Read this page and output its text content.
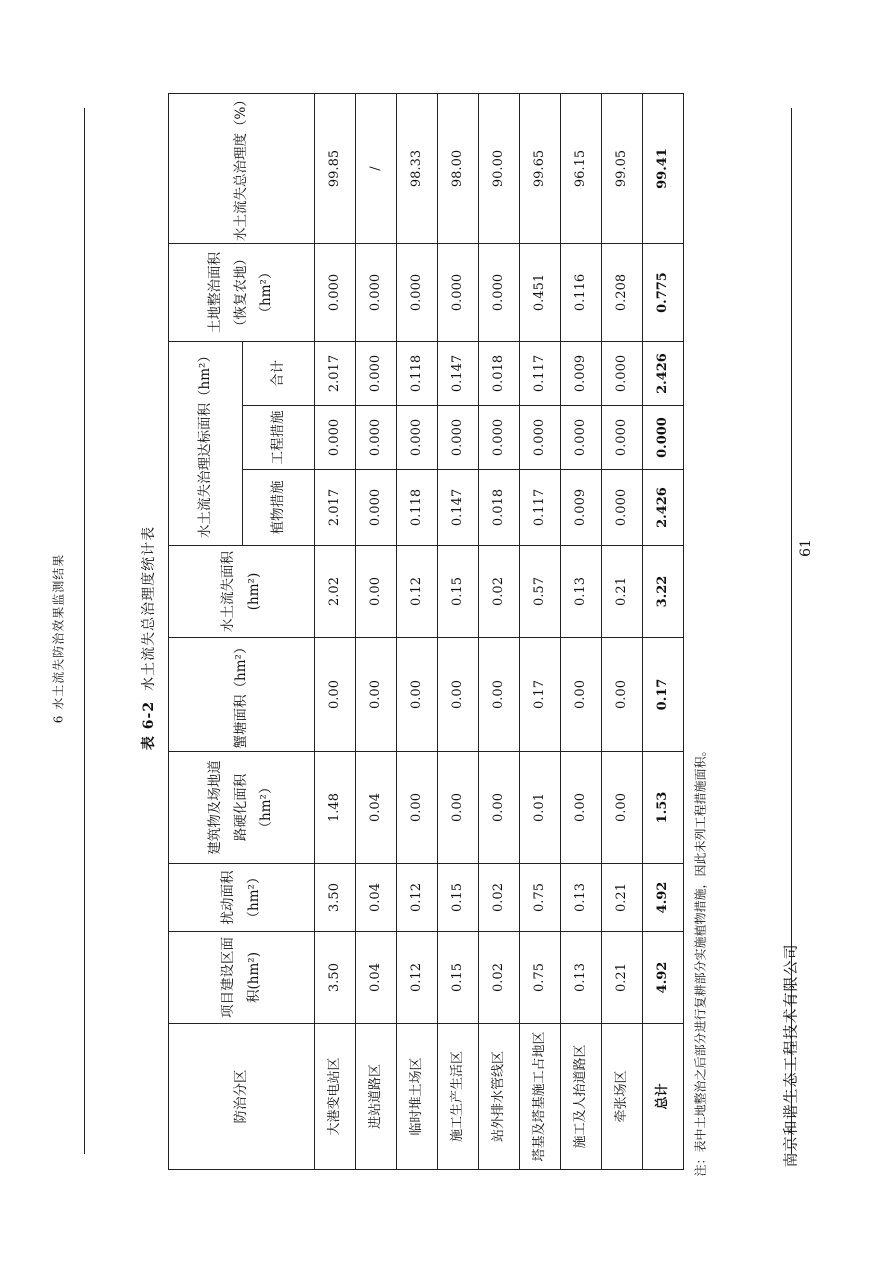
6 水土流失防治效果监测结果
表 6-2水土流失总治理度统计表
防治分区	项目建设区面积(hm²)	扰动面积（hm²）	建筑物及场地道路硬化面积（hm²）	蟹塘面积（hm²）	水土流失面积(hm²)	水土流失治理达标面积（hm²）			土地整治面积（恢复农地）（hm²）	水土流失总治理度（%）
						植物措施	工程措施	合计		
大港变电站区	3.50	3.50	1.48	0.00	2.02	2.017	0.000	2.017	0.000	99.85
进站道路区	0.04	0.04	0.04	0.00	0.00	0.000	0.000	0.000	0.000	/
临时堆土场区	0.12	0.12	0.00	0.00	0.12	0.118	0.000	0.118	0.000	98.33
施工生产生活区	0.15	0.15	0.00	0.00	0.15	0.147	0.000	0.147	0.000	98.00
站外排水管线区	0.02	0.02	0.00	0.00	0.02	0.018	0.000	0.018	0.000	90.00
塔基及塔基施工占地区	0.75	0.75	0.01	0.17	0.57	0.117	0.000	0.117	0.451	99.65
施工及人抬道路区	0.13	0.13	0.00	0.00	0.13	0.009	0.000	0.009	0.116	96.15
牵张场区	0.21	0.21	0.00	0.00	0.21	0.000	0.000	0.000	0.208	99.05
总计	4.92	4.92	1.53	0.17	3.22	2.426	0.000	2.426	0.775	99.41
注：表中土地整治之后部分进行复耕部分实施植物措施，因此未列工程措施面积。
61
南京和谐生态工程技术有限公司
